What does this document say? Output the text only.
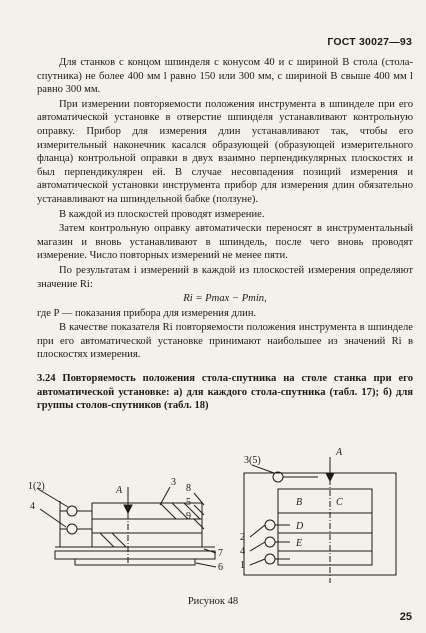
ГОСТ 30027—93

Для станков с концом шпинделя с конусом 40 и с шириной B стола (стола-спутника) не более 400 мм l равно 150 или 300 мм, с шириной B свыше 400 мм l равно 300 мм.

При измерении повторяемости положения инструмента в шпинделе при его автоматической установке в отверстие шпинделя устанавливают контрольную оправку. Прибор для измерения длин устанавливают так, чтобы его измерительный наконечник касался образующей (образующей измерительного фланца) контрольной оправки в двух взаимно перпендикулярных плоскостях и был перпендикулярен ей. В случае несовпадения позиций измерения и автоматической установки инструмента прибор для измерения длин обязательно устанавливают на шпиндельной бабке (ползуне).

В каждой из плоскостей проводят измерение.

Затем контрольную оправку автоматически переносят в инструментальный магазин и вновь устанавливают в шпиндель, после чего вновь проводят измерение. Число повторных измерений не менее пяти.

По результатам i измерений в каждой из плоскостей измерения определяют значение Ri:

Ri = Pmax − Pmin,

где P — показания прибора для измерения длин.

В качестве показателя Ri повторяемости положения инструмента в шпинделе при его автоматической установке принимают наибольшее из значений Ri в плоскостях измерения.

3.24 Повторяемость положения стола-спутника на столе станка при его автоматической установке: а) для каждого стола-спутника (табл. 17); б) для группы столов-спутников (табл. 18)

1(2)
4
A
3
8
5
9
7
6
3(5)
A
B	C
D
E
2
4
1
Рисунок 48
25
